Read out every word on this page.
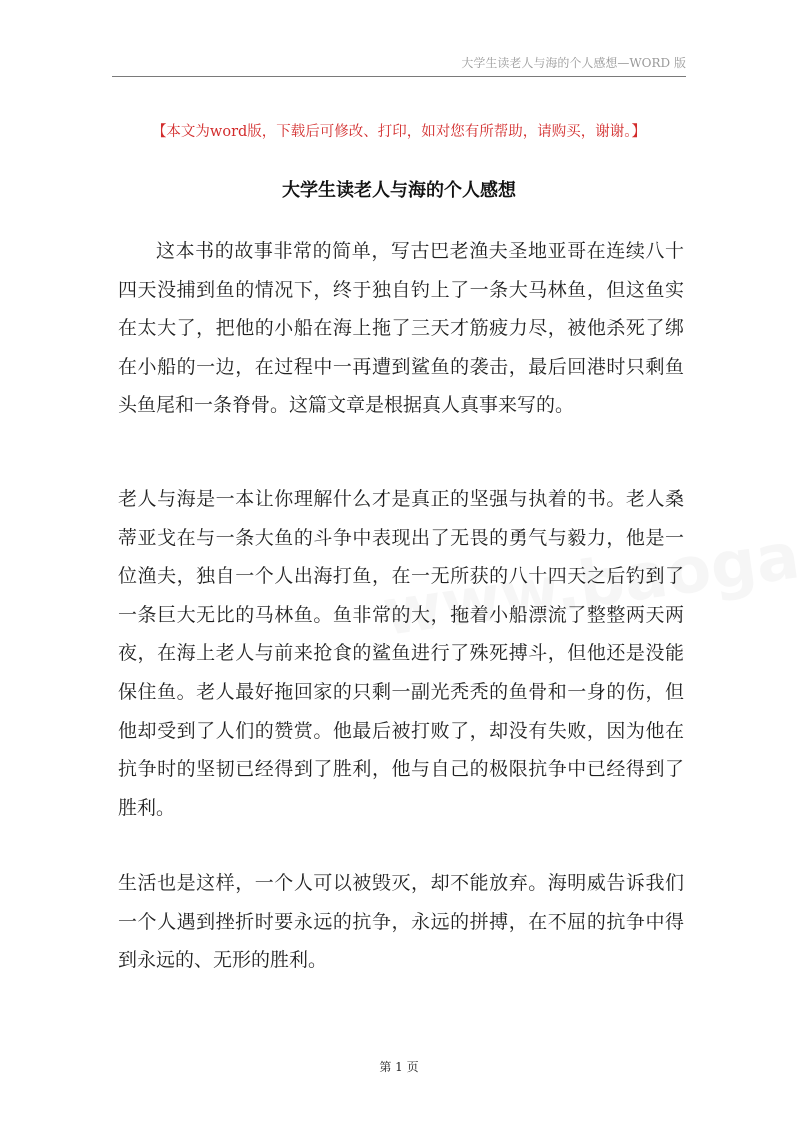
大学生读老人与海的个人感想—WORD 版
【本文为word版，下载后可修改、打印，如对您有所帮助，请购买，谢谢。】
大学生读老人与海的个人感想

这本书的故事非常的简单，写古巴老渔夫圣地亚哥在连续八十四天没捕到鱼的情况下，终于独自钓上了一条大马林鱼，但这鱼实在太大了，把他的小船在海上拖了三天才筋疲力尽，被他杀死了绑在小船的一边，在过程中一再遭到鲨鱼的袭击，最后回港时只剩鱼头鱼尾和一条脊骨。这篇文章是根据真人真事来写的。

老人与海是一本让你理解什么才是真正的坚强与执着的书。老人桑蒂亚戈在与一条大鱼的斗争中表现出了无畏的勇气与毅力，他是一位渔夫，独自一个人出海打鱼，在一无所获的八十四天之后钓到了一条巨大无比的马林鱼。鱼非常的大，拖着小船漂流了整整两天两夜，在海上老人与前来抢食的鲨鱼进行了殊死搏斗，但他还是没能保住鱼。老人最好拖回家的只剩一副光秃秃的鱼骨和一身的伤，但他却受到了人们的赞赏。他最后被打败了，却没有失败，因为他在抗争时的坚韧已经得到了胜利，他与自己的极限抗争中已经得到了胜利。

生活也是这样，一个人可以被毁灭，却不能放弃。海明威告诉我们一个人遇到挫折时要永远的抗争，永远的拼搏，在不屈的抗争中得到永远的、无形的胜利。

第 1 页
